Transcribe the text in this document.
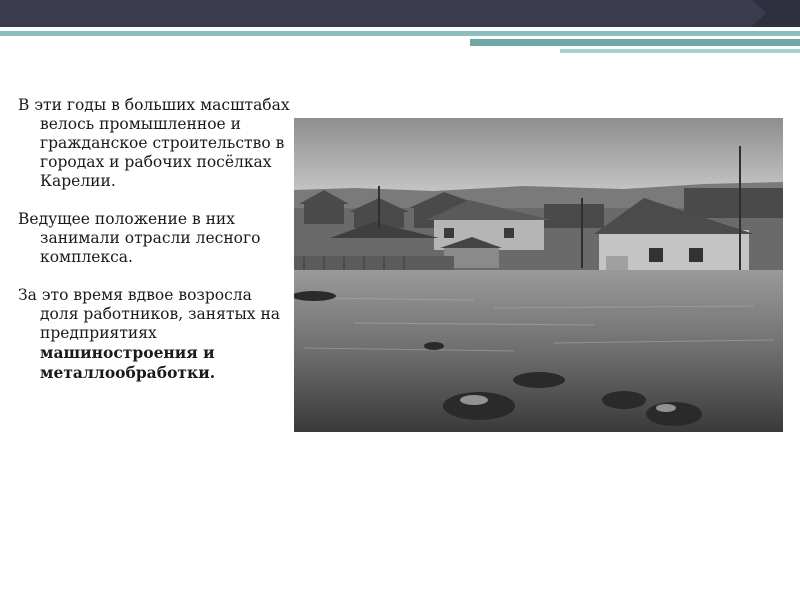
В эти годы в больших масштабах велось промышленное и гражданское строительство в городах и рабочих посёлках Карелии.

Ведущее положение в них занимали отрасли лесного комплекса.

За это время вдвое возросла доля работников, занятых на предприятиях машиностроения и металлообработки.
